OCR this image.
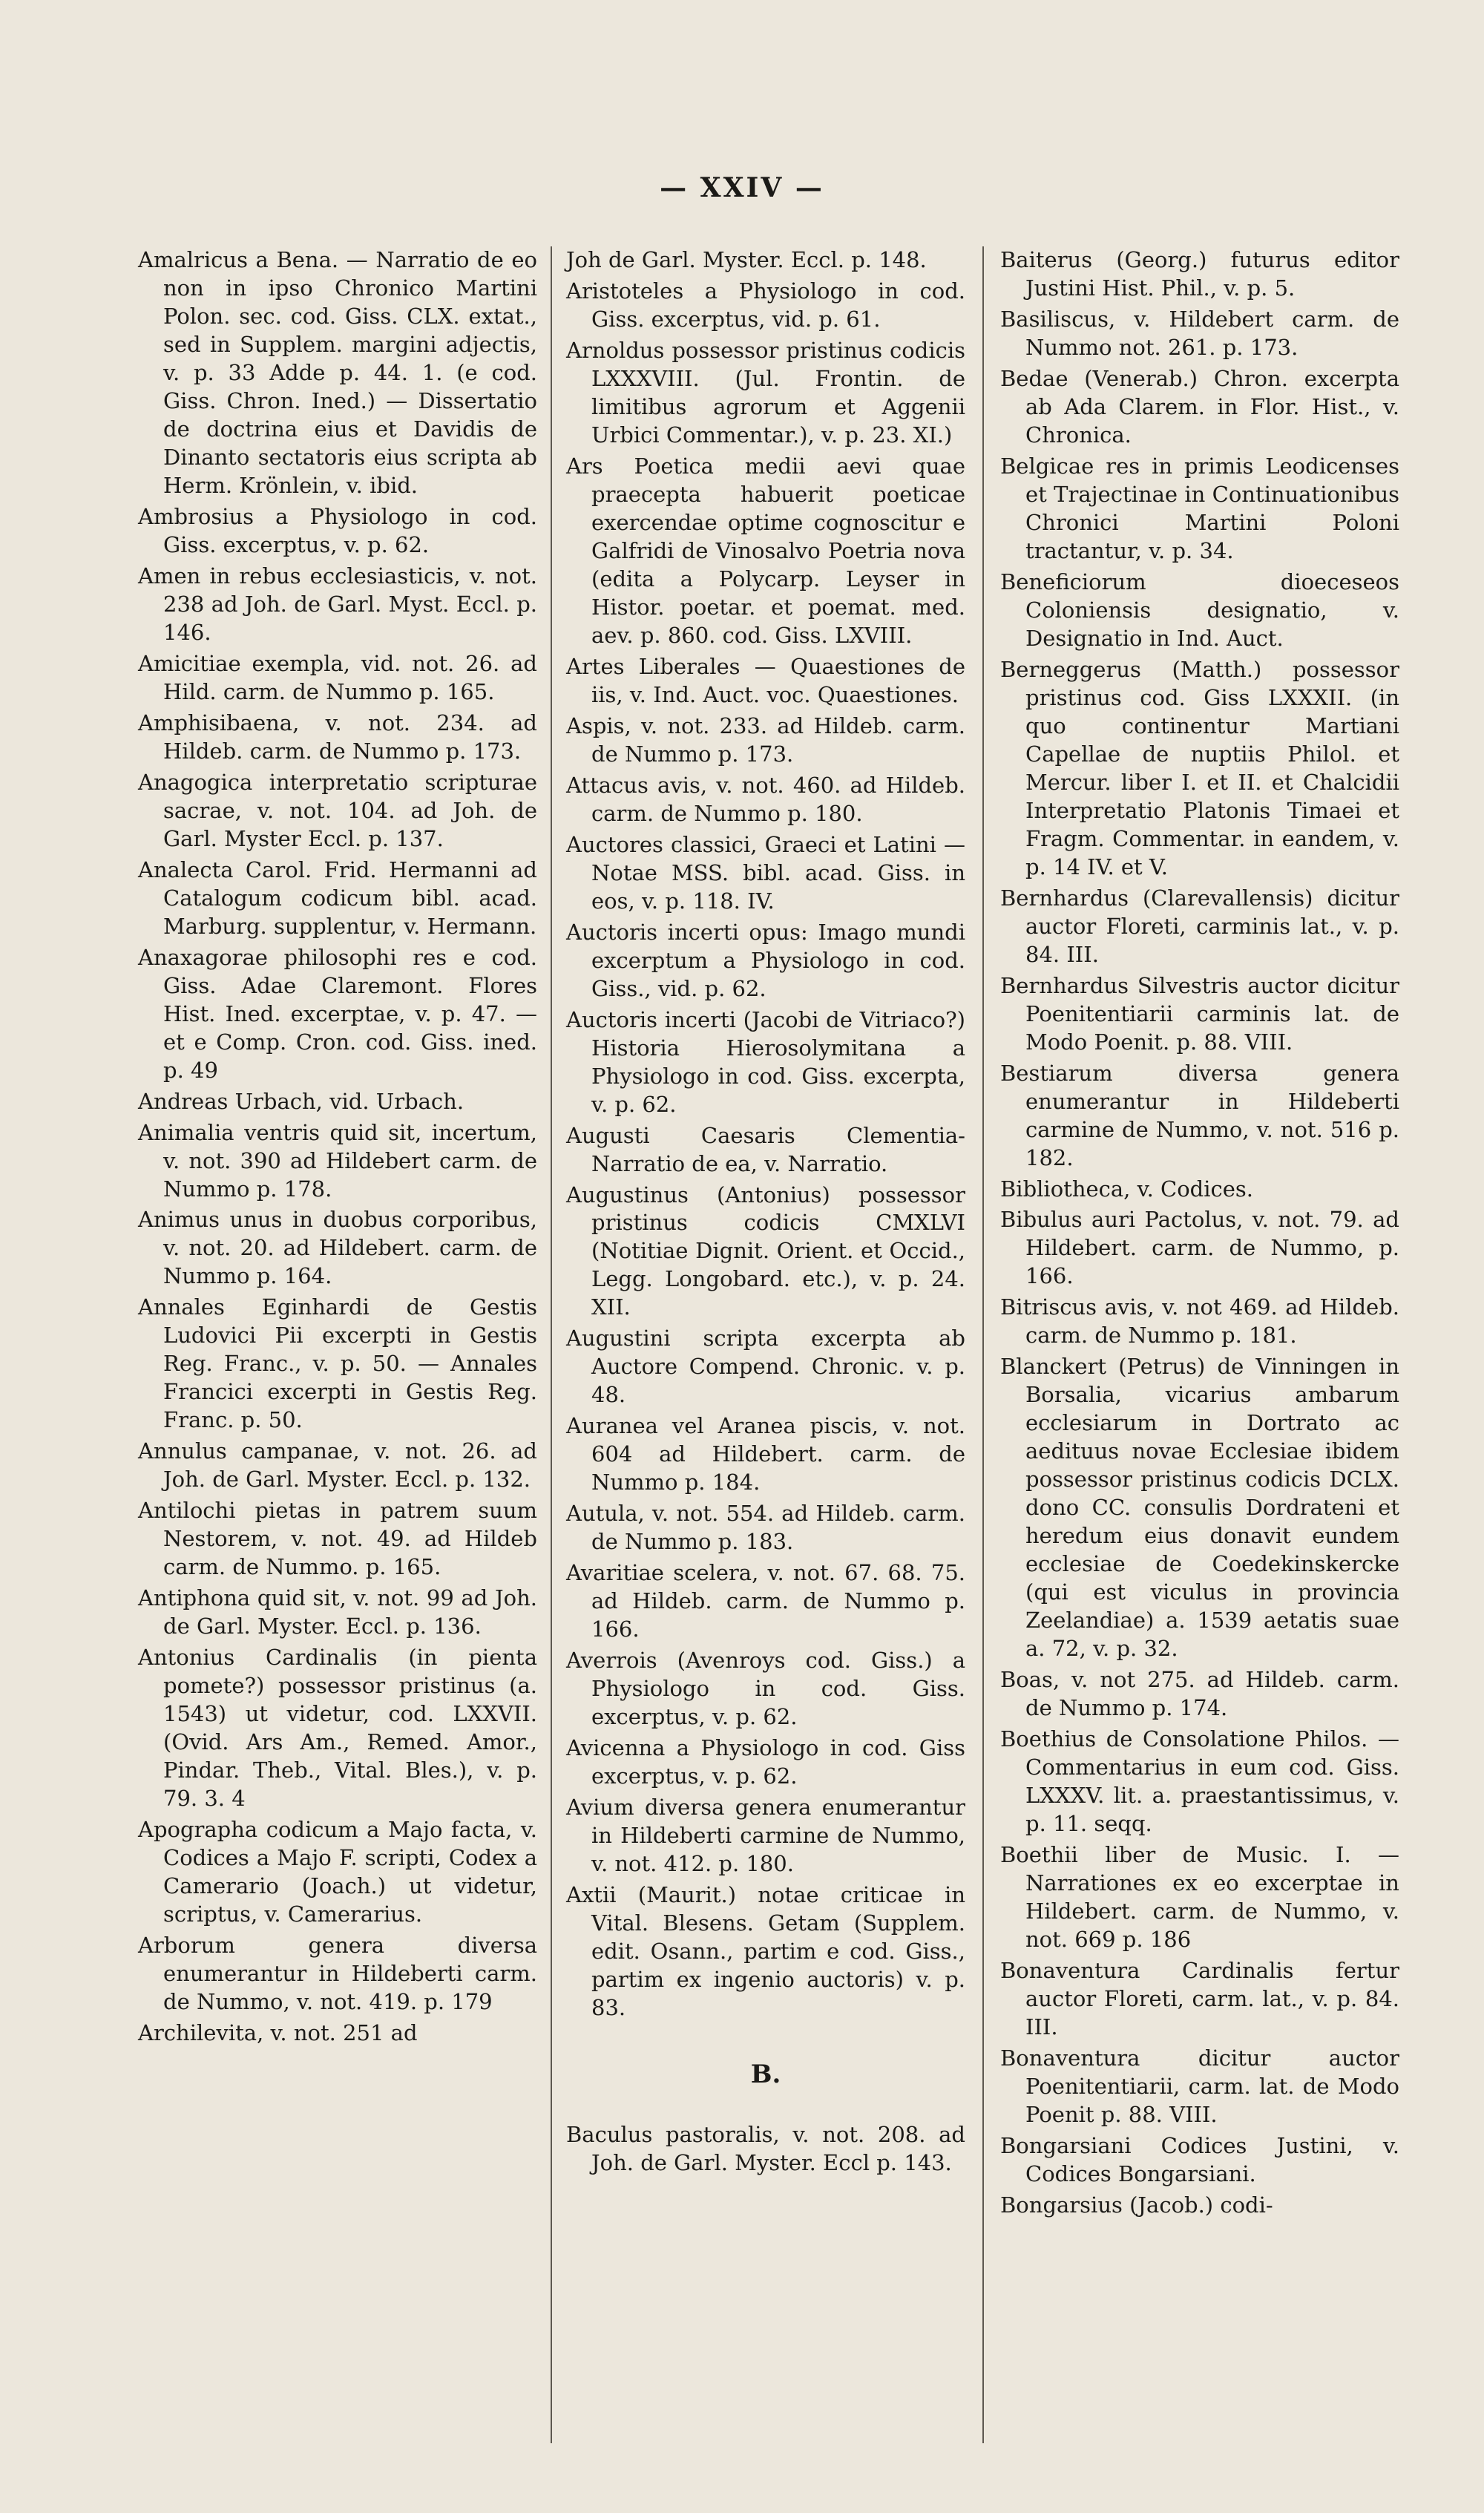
— XXIV —

Amalricus a Bena. — Narratio de eo non in ipso Chronico Martini Polon. sec. cod. Giss. CLX. extat., sed in Supplem. margini adjectis, v. p. 33 Adde p. 44. 1. (e cod. Giss. Chron. Ined.) — Dissertatio de doctrina eius et Davidis de Dinanto sectatoris eius scripta ab Herm. Krönlein, v. ibid.

Ambrosius a Physiologo in cod. Giss. excerptus, v. p. 62.

Amen in rebus ecclesiasticis, v. not. 238 ad Joh. de Garl. Myst. Eccl. p. 146.

Amicitiae exempla, vid. not. 26. ad Hild. carm. de Nummo p. 165.

Amphisibaena, v. not. 234. ad Hildeb. carm. de Nummo p. 173.

Anagogica interpretatio scripturae sacrae, v. not. 104. ad Joh. de Garl. Myster Eccl. p. 137.

Analecta Carol. Frid. Hermanni ad Catalogum codicum bibl. acad. Marburg. supplentur, v. Hermann.

Anaxagorae philosophi res e cod. Giss. Adae Claremont. Flores Hist. Ined. excerptae, v. p. 47. — et e Comp. Cron. cod. Giss. ined. p. 49

Andreas Urbach, vid. Urbach.

Animalia ventris quid sit, incertum, v. not. 390 ad Hildebert carm. de Nummo p. 178.

Animus unus in duobus corporibus, v. not. 20. ad Hildebert. carm. de Nummo p. 164.

Annales Eginhardi de Gestis Ludovici Pii excerpti in Gestis Reg. Franc., v. p. 50. — Annales Francici excerpti in Gestis Reg. Franc. p. 50.

Annulus campanae, v. not. 26. ad Joh. de Garl. Myster. Eccl. p. 132.

Antilochi pietas in patrem suum Nestorem, v. not. 49. ad Hildeb carm. de Nummo. p. 165.

Antiphona quid sit, v. not. 99 ad Joh. de Garl. Myster. Eccl. p. 136.

Antonius Cardinalis (in pienta pomete?) possessor pristinus (a. 1543) ut videtur, cod. LXXVII. (Ovid. Ars Am., Remed. Amor., Pindar. Theb., Vital. Bles.), v. p. 79. 3. 4

Apographa codicum a Majo facta, v. Codices a Majo F. scripti, Codex a Camerario (Joach.) ut videtur, scriptus, v. Camerarius.

Arborum genera diversa enumerantur in Hildeberti carm. de Nummo, v. not. 419. p. 179

Archilevita, v. not. 251 ad

Joh de Garl. Myster. Eccl. p. 148.

Aristoteles a Physiologo in cod. Giss. excerptus, vid. p. 61.

Arnoldus possessor pristinus codicis LXXXVIII. (Jul. Frontin. de limitibus agrorum et Aggenii Urbici Commentar.), v. p. 23. XI.)

Ars Poetica medii aevi quae praecepta habuerit poeticae exercendae optime cognoscitur e Galfridi de Vinosalvo Poetria nova (edita a Polycarp. Leyser in Histor. poetar. et poemat. med. aev. p. 860. cod. Giss. LXVIII.

Artes Liberales — Quaestiones de iis, v. Ind. Auct. voc. Quaestiones.

Aspis, v. not. 233. ad Hildeb. carm. de Nummo p. 173.

Attacus avis, v. not. 460. ad Hildeb. carm. de Nummo p. 180.

Auctores classici, Graeci et Latini — Notae MSS. bibl. acad. Giss. in eos, v. p. 118. IV.

Auctoris incerti opus: Imago mundi excerptum a Physiologo in cod. Giss., vid. p. 62.

Auctoris incerti (Jacobi de Vitriaco?) Historia Hierosolymitana a Physiologo in cod. Giss. excerpta, v. p. 62.

Augusti Caesaris Clementia-Narratio de ea, v. Narratio.

Augustinus (Antonius) possessor pristinus codicis CMXLVI (Notitiae Dignit. Orient. et Occid., Legg. Longobard. etc.), v. p. 24. XII.

Augustini scripta excerpta ab Auctore Compend. Chronic. v. p. 48.

Auranea vel Aranea piscis, v. not. 604 ad Hildebert. carm. de Nummo p. 184.

Autula, v. not. 554. ad Hildeb. carm. de Nummo p. 183.

Avaritiae scelera, v. not. 67. 68. 75. ad Hildeb. carm. de Nummo p. 166.

Averrois (Avenroys cod. Giss.) a Physiologo in cod. Giss. excerptus, v. p. 62.

Avicenna a Physiologo in cod. Giss excerptus, v. p. 62.

Avium diversa genera enumerantur in Hildeberti carmine de Nummo, v. not. 412. p. 180.

Axtii (Maurit.) notae criticae in Vital. Blesens. Getam (Supplem. edit. Osann., partim e cod. Giss., partim ex ingenio auctoris) v. p. 83.

B.

Baculus pastoralis, v. not. 208. ad Joh. de Garl. Myster. Eccl p. 143.

Baiterus (Georg.) futurus editor Justini Hist. Phil., v. p. 5.

Basiliscus, v. Hildebert carm. de Nummo not. 261. p. 173.

Bedae (Venerab.) Chron. excerpta ab Ada Clarem. in Flor. Hist., v. Chronica.

Belgicae res in primis Leodicenses et Trajectinae in Continuationibus Chronici Martini Poloni tractantur, v. p. 34.

Beneficiorum dioeceseos Coloniensis designatio, v. Designatio in Ind. Auct.

Berneggerus (Matth.) possessor pristinus cod. Giss LXXXII. (in quo continentur Martiani Capellae de nuptiis Philol. et Mercur. liber I. et II. et Chalcidii Interpretatio Platonis Timaei et Fragm. Commentar. in eandem, v. p. 14 IV. et V.

Bernhardus (Clarevallensis) dicitur auctor Floreti, carminis lat., v. p. 84. III.

Bernhardus Silvestris auctor dicitur Poenitentiarii carminis lat. de Modo Poenit. p. 88. VIII.

Bestiarum diversa genera enumerantur in Hildeberti carmine de Nummo, v. not. 516 p. 182.

Bibliotheca, v. Codices.

Bibulus auri Pactolus, v. not. 79. ad Hildebert. carm. de Nummo, p. 166.

Bitriscus avis, v. not 469. ad Hildeb. carm. de Nummo p. 181.

Blanckert (Petrus) de Vinningen in Borsalia, vicarius ambarum ecclesiarum in Dortrato ac aedituus novae Ecclesiae ibidem possessor pristinus codicis DCLX. dono CC. consulis Dordrateni et heredum eius donavit eundem ecclesiae de Coedekinskercke (qui est viculus in provincia Zeelandiae) a. 1539 aetatis suae a. 72, v. p. 32.

Boas, v. not 275. ad Hildeb. carm. de Nummo p. 174.

Boethius de Consolatione Philos. — Commentarius in eum cod. Giss. LXXXV. lit. a. praestantissimus, v. p. 11. seqq.

Boethii liber de Music. I. — Narrationes ex eo excerptae in Hildebert. carm. de Nummo, v. not. 669 p. 186

Bonaventura Cardinalis fertur auctor Floreti, carm. lat., v. p. 84. III.

Bonaventura dicitur auctor Poenitentiarii, carm. lat. de Modo Poenit p. 88. VIII.

Bongarsiani Codices Justini, v. Codices Bongarsiani.

Bongarsius (Jacob.) codi-
